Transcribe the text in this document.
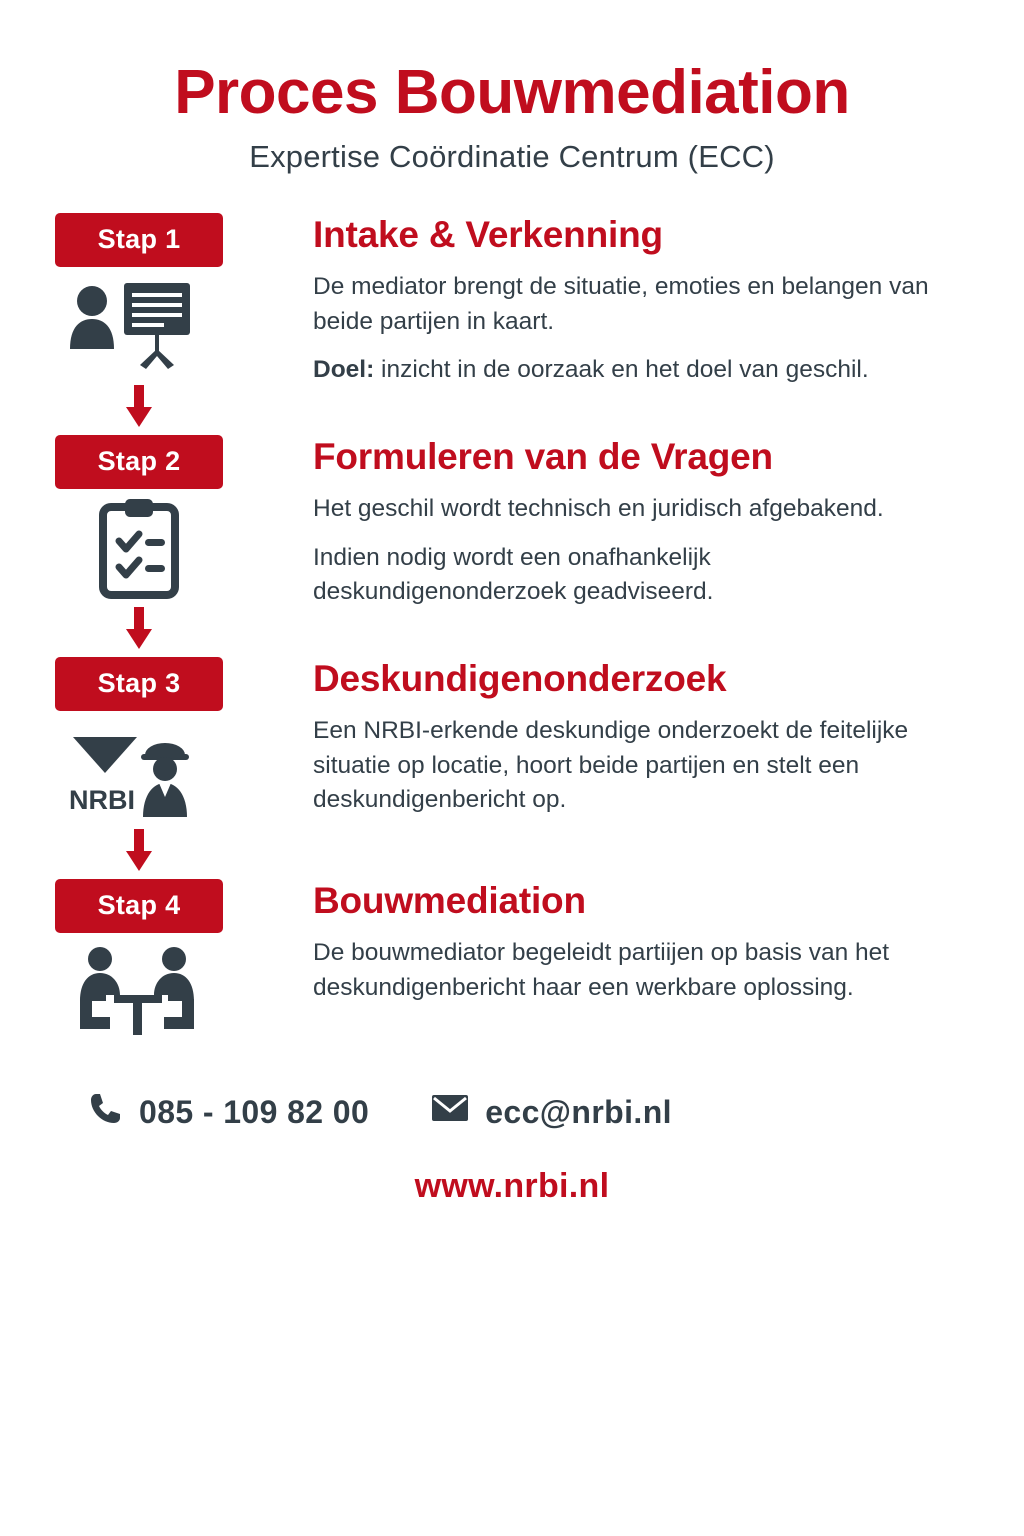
Proces Bouwmediation

Expertise Coördinatie Centrum (ECC)

Stap 1	Intake & Verkenning

De mediator brengt de situatie, emoties en belangen van beide partijen in kaart.

Doel: inzicht in de oorzaak en het doel van geschil.

Stap 2	Formuleren van de Vragen

Het geschil wordt technisch en juridisch afgebakend.

Indien nodig wordt een onafhankelijk deskundigenonderzoek geadviseerd.

Stap 3
NRBI
Deskundigenonderzoek

Een NRBI-erkende deskundige onderzoekt de feitelijke situatie op locatie, hoort beide partijen en stelt een deskundigenbericht op.

Stap 4	Bouwmediation

De bouwmediator begeleidt partiijen op basis van het deskundigenbericht haar een werkbare oplossing.

085 - 109 82 00	ecc@nrbi.nl
www.nrbi.nl
